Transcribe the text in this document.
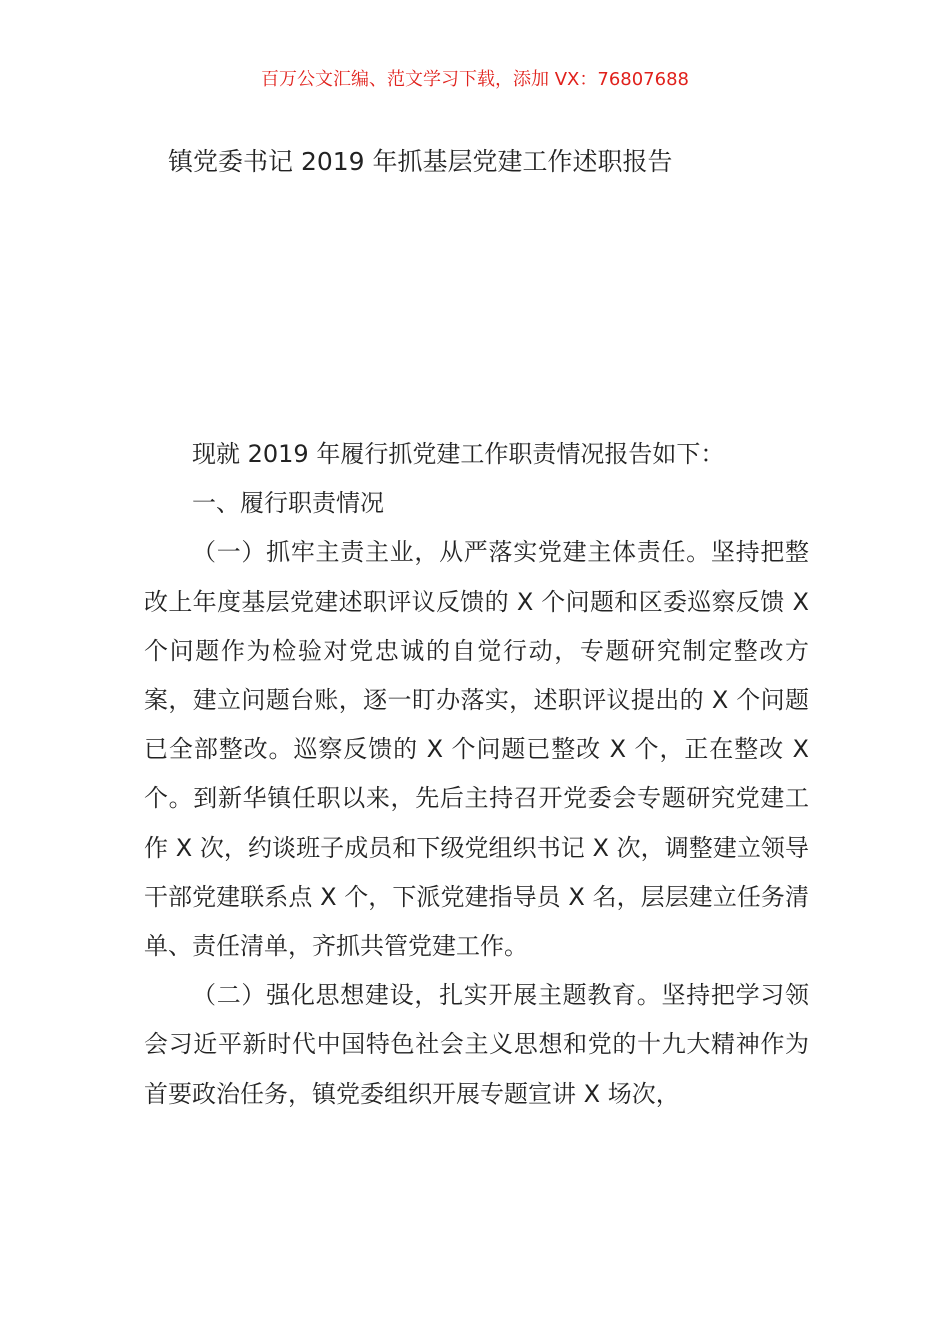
百万公文汇编、范文学习下载，添加 VX：76807688
镇党委书记 2019 年抓基层党建工作述职报告

现就 2019 年履行抓党建工作职责情况报告如下：

一、履行职责情况

（一）抓牢主责主业，从严落实党建主体责任。坚持把整改上年度基层党建述职评议反馈的 X 个问题和区委巡察反馈 X 个问题作为检验对党忠诚的自觉行动，专题研究制定整改方案，建立问题台账，逐一盯办落实，述职评议提出的 X 个问题已全部整改。巡察反馈的 X 个问题已整改 X 个，正在整改 X 个。到新华镇任职以来，先后主持召开党委会专题研究党建工作 X 次，约谈班子成员和下级党组织书记 X 次，调整建立领导干部党建联系点 X 个，下派党建指导员 X 名，层层建立任务清单、责任清单，齐抓共管党建工作。

（二）强化思想建设，扎实开展主题教育。坚持把学习领会习近平新时代中国特色社会主义思想和党的十九大精神作为首要政治任务，镇党委组织开展专题宣讲 X 场次，
